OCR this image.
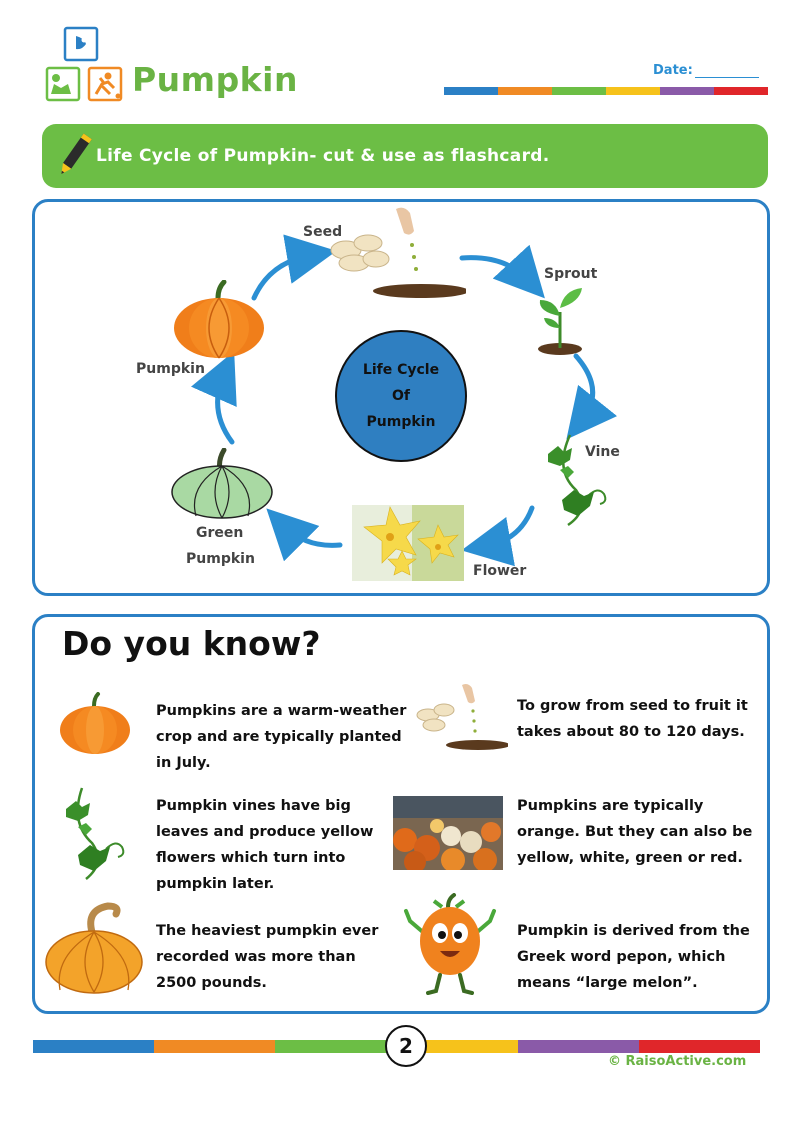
Pumpkin	Date:
Life Cycle of Pumpkin- cut & use as flashcard.
Seed
Sprout
Vine
Flower
Green
Pumpkin
Pumpkin	Life Cycle
Of
Pumpkin
Do you know?
Pumpkins are a warm-weather
crop and are typically planted
in July.
To grow from seed to fruit it
takes about 80 to 120 days.
Pumpkin vines have big
leaves and produce yellow
flowers which turn into
pumpkin later.
Pumpkins are typically
orange. But they can also be
yellow, white, green or red.
The heaviest pumpkin ever
recorded was more than
2500 pounds.
Pumpkin is derived from the
Greek word pepon, which
means “large melon”.
2
© RaisoActive.com
